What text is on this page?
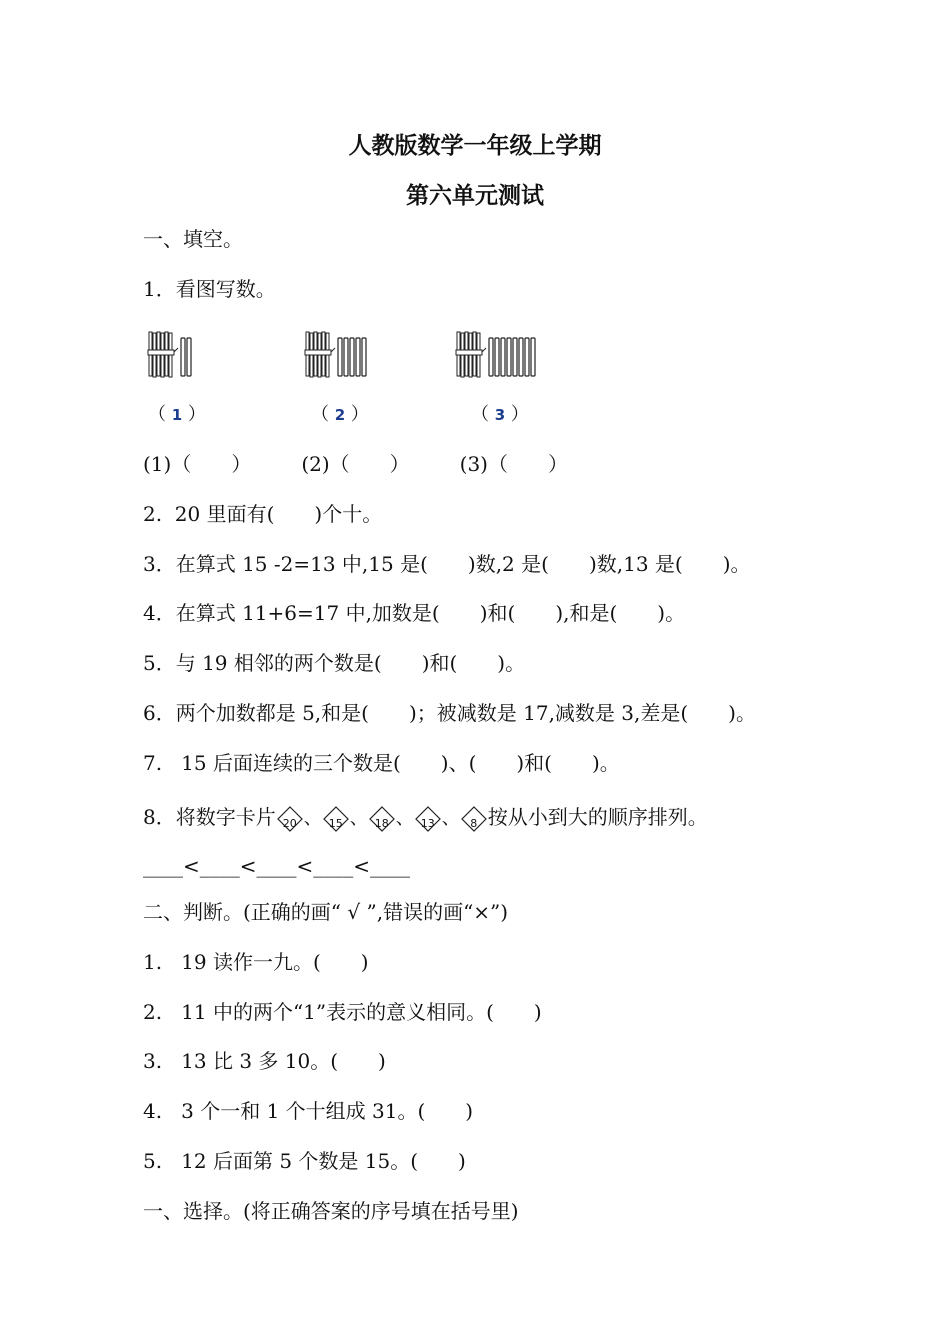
人教版数学一年级上学期
第六单元测试
一、填空。
1．看图写数。
（ 1 ）	（ 2 ）	（ 3 ）
(1)（　　）　　　(2)（　　）　　　(3)（　　）
2.  20 里面有(　　)个十。
3．在算式 15 -2=13 中,15 是(　　)数,2 是(　　)数,13 是(　　)。
4．在算式 11+6=17 中,加数是(　　)和(　　),和是(　　)。
5．与 19 相邻的两个数是(　　)和(　　)。
6．两个加数都是 5,和是(　　)；被减数是 17,减数是 3,差是(　　)。
7.   15 后面连续的三个数是(　　)、(　　)和(　　)。
8．将数字卡片 20 、 15 、 18 、 13 、 8 按从小到大的顺序排列。
____<____<____<____<____
二、判断。(正确的画“ √ ”,错误的画“×”)
1.   19 读作一九。(　　)
2.   11 中的两个“1”表示的意义相同。(　　)
3.   13 比 3 多 10。(　　)
4.   3 个一和 1 个十组成 31。(　　)
5.   12 后面第 5 个数是 15。(　　)
一、选择。(将正确答案的序号填在括号里)
